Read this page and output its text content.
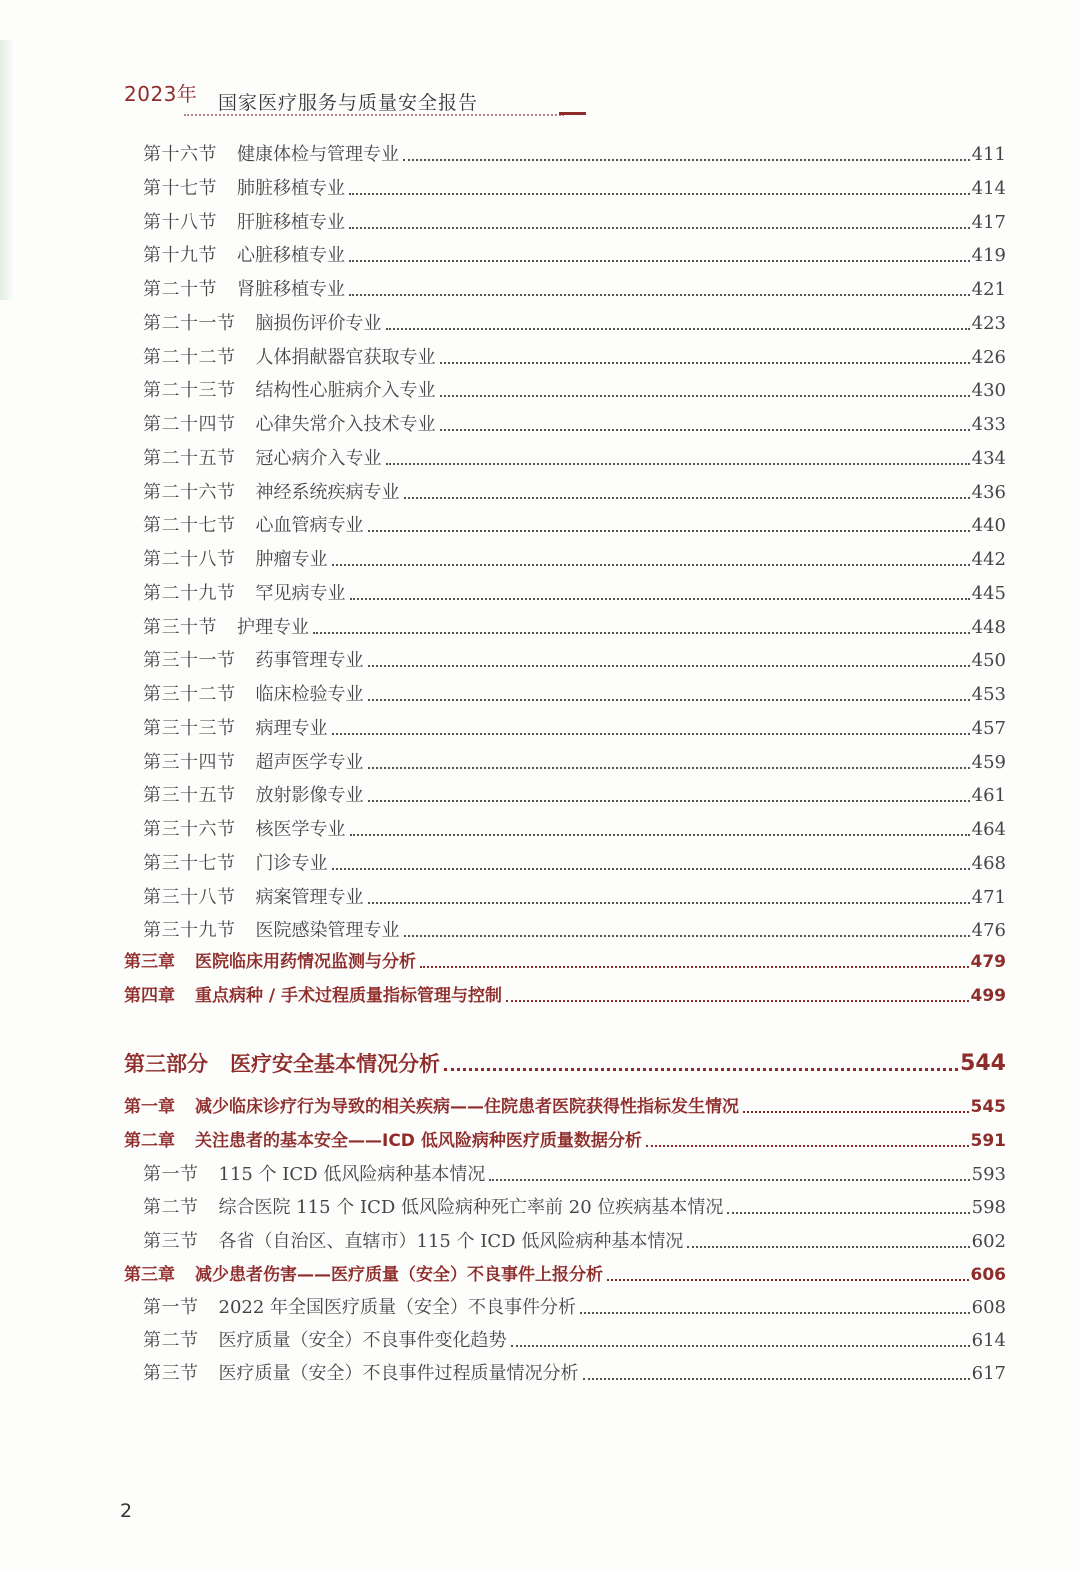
2023年 国家医疗服务与质量安全报告
第十六节 健康体检与管理专业	411
第十七节 肺脏移植专业	414
第十八节 肝脏移植专业	417
第十九节 心脏移植专业	419
第二十节 肾脏移植专业	421
第二十一节 脑损伤评价专业	423
第二十二节 人体捐献器官获取专业	426
第二十三节 结构性心脏病介入专业	430
第二十四节 心律失常介入技术专业	433
第二十五节 冠心病介入专业	434
第二十六节 神经系统疾病专业	436
第二十七节 心血管病专业	440
第二十八节 肿瘤专业	442
第二十九节 罕见病专业	445
第三十节 护理专业	448
第三十一节 药事管理专业	450
第三十二节 临床检验专业	453
第三十三节 病理专业	457
第三十四节 超声医学专业	459
第三十五节 放射影像专业	461
第三十六节 核医学专业	464
第三十七节 门诊专业	468
第三十八节 病案管理专业	471
第三十九节 医院感染管理专业	476
第三章 医院临床用药情况监测与分析	479
第四章 重点病种 / 手术过程质量指标管理与控制	499
第三部分 医疗安全基本情况分析	544
第一章 减少临床诊疗行为导致的相关疾病——住院患者医院获得性指标发生情况	545
第二章 关注患者的基本安全——ICD 低风险病种医疗质量数据分析	591
第一节 115 个 ICD 低风险病种基本情况	593
第二节 综合医院 115 个 ICD 低风险病种死亡率前 20 位疾病基本情况	598
第三节 各省（自治区、直辖市）115 个 ICD 低风险病种基本情况	602
第三章 减少患者伤害——医疗质量（安全）不良事件上报分析	606
第一节 2022 年全国医疗质量（安全）不良事件分析	608
第二节 医疗质量（安全）不良事件变化趋势	614
第三节 医疗质量（安全）不良事件过程质量情况分析	617
2
